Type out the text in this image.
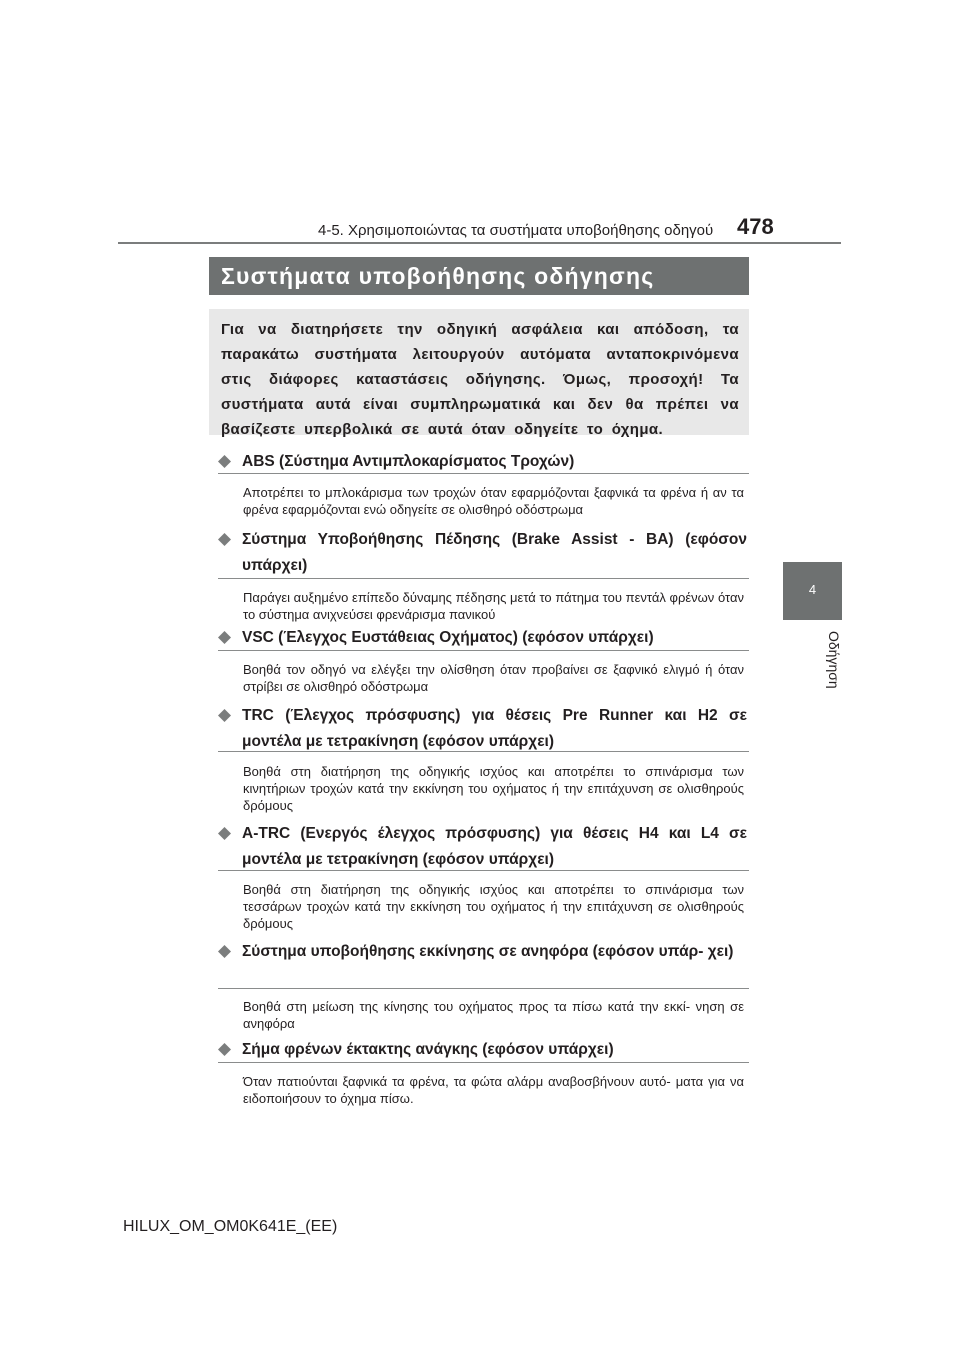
4-5. Χρησιμοποιώντας τα συστήματα υποβοήθησης οδηγού 478
4
Οδήγηση
Συστήματα υποβοήθησης οδήγησης

Για να διατηρήσετε την οδηγική ασφάλεια και απόδοση, τα παρακάτω συστήματα λειτουργούν αυτόματα ανταποκρινόμενα στις διάφορες καταστάσεις οδήγησης. Όμως, προσοχή! Τα συστήματα αυτά είναι συμπληρωματικά και δεν θα πρέπει να βασίζεστε υπερβολικά σε αυτά όταν οδηγείτε το όχημα.

ABS (Σύστημα Αντιμπλοκαρίσματος Τροχών)

Αποτρέπει το μπλοκάρισμα των τροχών όταν εφαρμόζονται ξαφνικά τα φρένα ή αν τα φρένα εφαρμόζονται ενώ οδηγείτε σε ολισθηρό οδόστρωμα

Σύστημα Υποβοήθησης Πέδησης (Brake Assist - BA) (εφόσον υπάρχει)

Παράγει αυξημένο επίπεδο δύναμης πέδησης μετά το πάτημα του πεντάλ φρένων όταν το σύστημα ανιχνεύσει φρενάρισμα πανικού

VSC (Έλεγχος Ευστάθειας Οχήματος) (εφόσον υπάρχει)

Βοηθά τον οδηγό να ελέγξει την ολίσθηση όταν προβαίνει σε ξαφνικό ελιγμό ή όταν στρίβει σε ολισθηρό οδόστρωμα

TRC (Έλεγχος πρόσφυσης) για θέσεις Pre Runner και H2 σε μοντέλα με τετρακίνηση (εφόσον υπάρχει)

Βοηθά στη διατήρηση της οδηγικής ισχύος και αποτρέπει το σπινάρισμα των κινητήριων τροχών κατά την εκκίνηση του οχήματος ή την επιτάχυνση σε ολισθηρούς δρόμους

A-TRC (Ενεργός έλεγχος πρόσφυσης) για θέσεις H4 και L4 σε μοντέλα με τετρακίνηση (εφόσον υπάρχει)

Βοηθά στη διατήρηση της οδηγικής ισχύος και αποτρέπει το σπινάρισμα των τεσσάρων τροχών κατά την εκκίνηση του οχήματος ή την επιτάχυνση σε ολισθηρούς δρόμους

Σύστημα υποβοήθησης εκκίνησης σε ανηφόρα (εφόσον υπάρ- χει)

Βοηθά στη μείωση της κίνησης του οχήματος προς τα πίσω κατά την εκκί- νηση σε ανηφόρα

Σήμα φρένων έκτακτης ανάγκης (εφόσον υπάρχει)

Όταν πατιούνται ξαφνικά τα φρένα, τα φώτα αλάρμ αναβοσβήνουν αυτό- ματα για να ειδοποιήσουν το όχημα πίσω.

HILUX_OM_OM0K641E_(EE)
